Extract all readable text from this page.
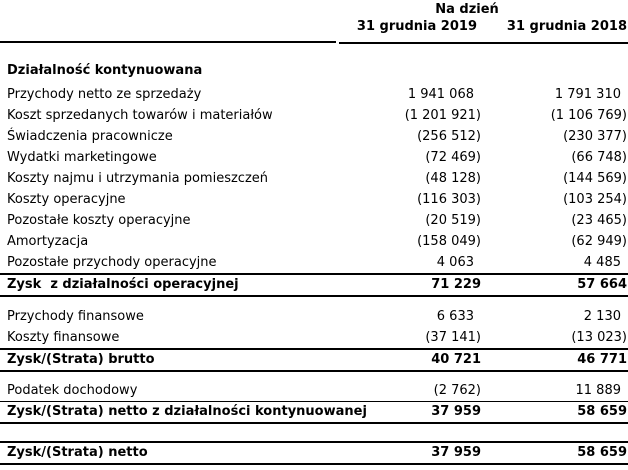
Na dzień
31 grudnia 2019	31 grudnia 2018
Działalność kontynuowana
Przychody netto ze sprzedaży	1 941 068	1 791 310
Koszt sprzedanych towarów i materiałów	(1 201 921)	(1 106 769)
Świadczenia pracownicze	(256 512)	(230 377)
Wydatki marketingowe	(72 469)	(66 748)
Koszty najmu i utrzymania pomieszczeń	(48 128)	(144 569)
Koszty operacyjne	(116 303)	(103 254)
Pozostałe koszty operacyjne	(20 519)	(23 465)
Amortyzacja	(158 049)	(62 949)
Pozostałe przychody operacyjne	4 063	4 485
Zysk  z działalności operacyjnej	71 229	57 664
Przychody finansowe	6 633	2 130
Koszty finansowe	(37 141)	(13 023)
Zysk/(Strata) brutto	40 721	46 771
Podatek dochodowy	(2 762)	11 889
Zysk/(Strata) netto z działalności kontynuowanej	37 959	58 659
Zysk/(Strata) netto	37 959	58 659
